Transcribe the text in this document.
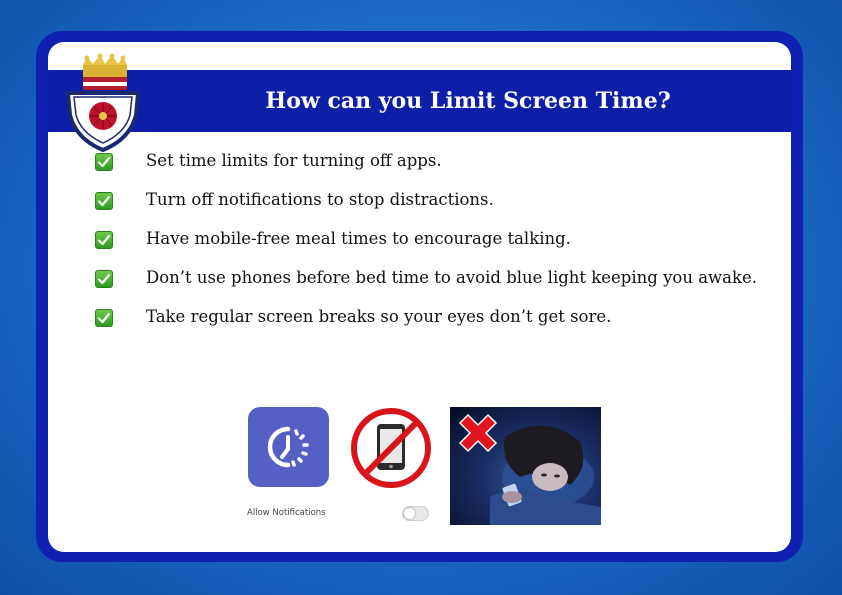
How can you Limit Screen Time?
Set time limits for turning off apps.
Turn off notifications to stop distractions.
Have mobile-free meal times to encourage talking.
Don’t use phones before bed time to avoid blue light keeping you awake.
Take regular screen breaks so your eyes don’t get sore.
Allow Notifications
